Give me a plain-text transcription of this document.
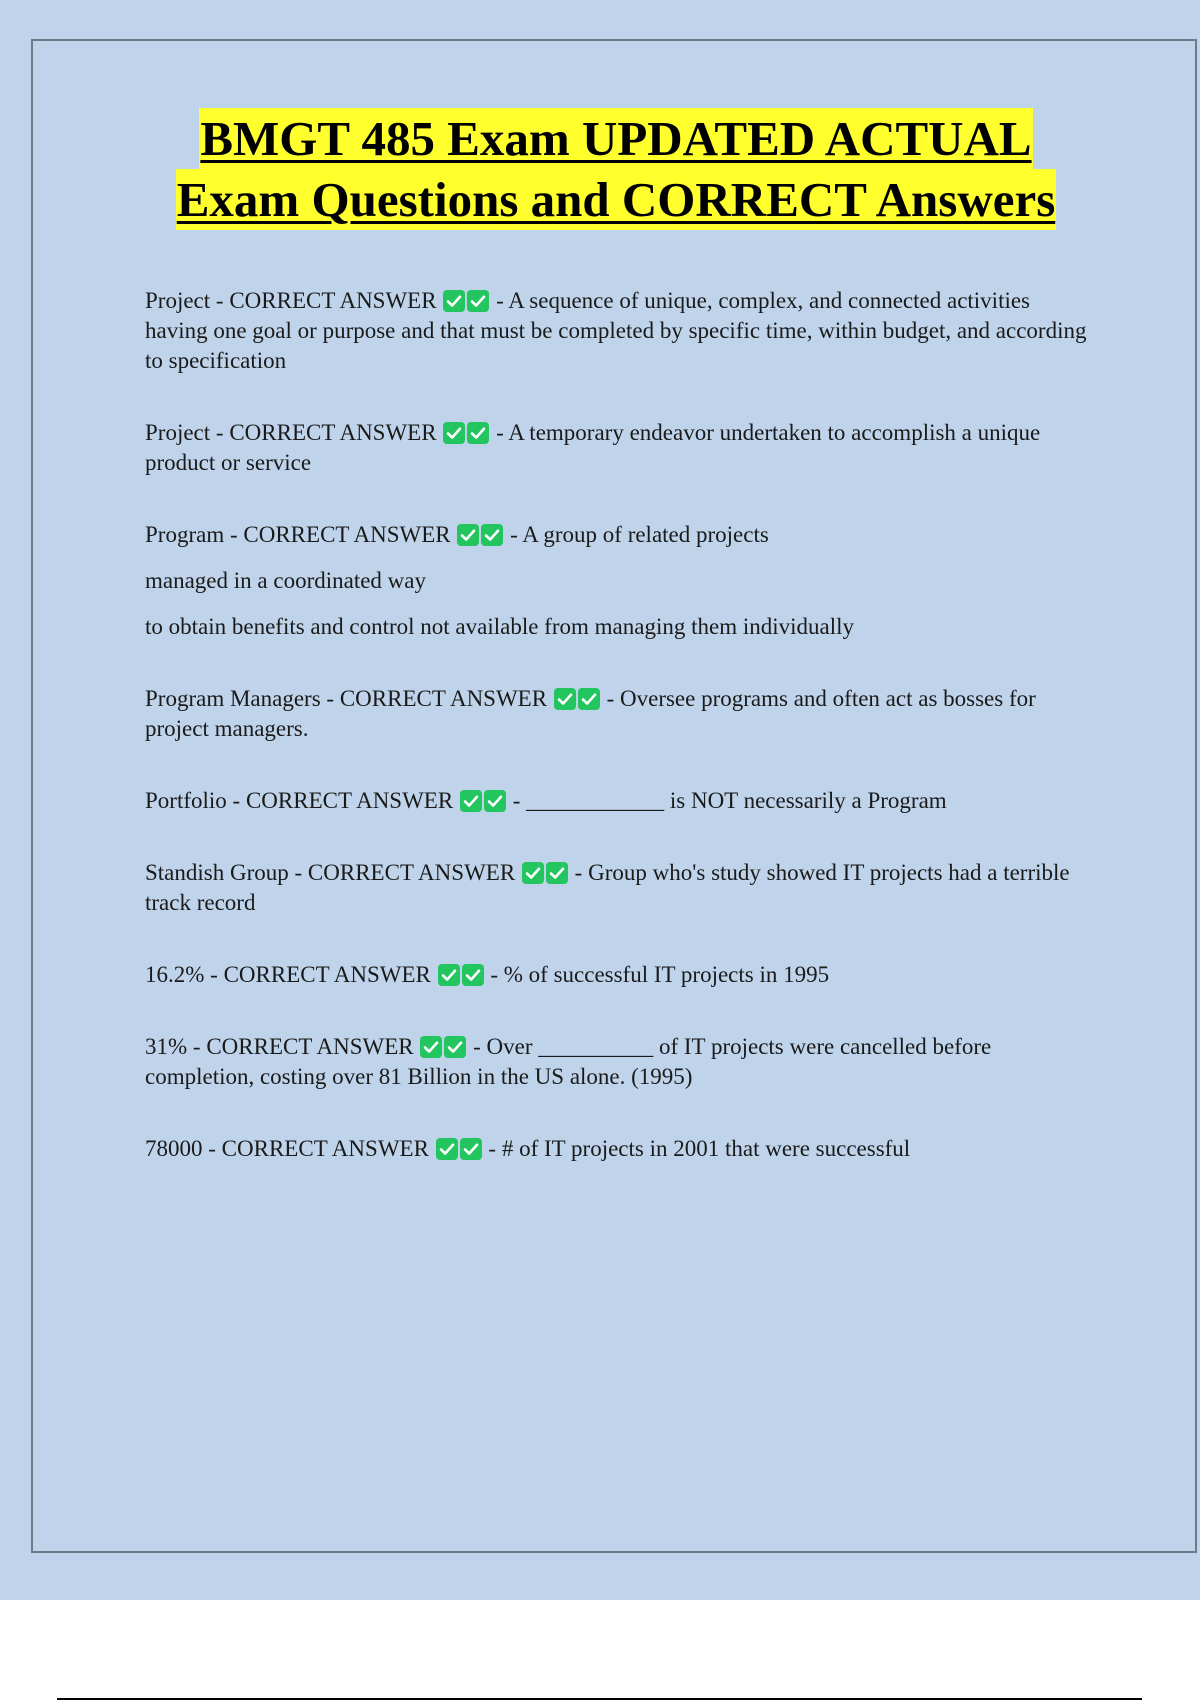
BMGT 485 Exam UPDATED ACTUAL
Exam Questions and CORRECT Answers

Project - CORRECT ANSWER
- A sequence of unique, complex, and connected activities having one goal or purpose and that must be completed by specific time, within budget, and according to specification

Project - CORRECT ANSWER
- A temporary endeavor undertaken to accomplish a unique product or service

Program - CORRECT ANSWER
- A group of related projects

managed in a coordinated way

to obtain benefits and control not available from managing them individually

Program Managers - CORRECT ANSWER
- Oversee programs and often act as bosses for project managers.

Portfolio - CORRECT ANSWER
- ____________ is NOT necessarily a Program

Standish Group - CORRECT ANSWER
- Group who's study showed IT projects had a terrible track record

16.2% - CORRECT ANSWER
- % of successful IT projects in 1995

31% - CORRECT ANSWER
- Over __________ of IT projects were cancelled before completion, costing over 81 Billion in the US alone. (1995)

78000 - CORRECT ANSWER
- # of IT projects in 2001 that were successful
